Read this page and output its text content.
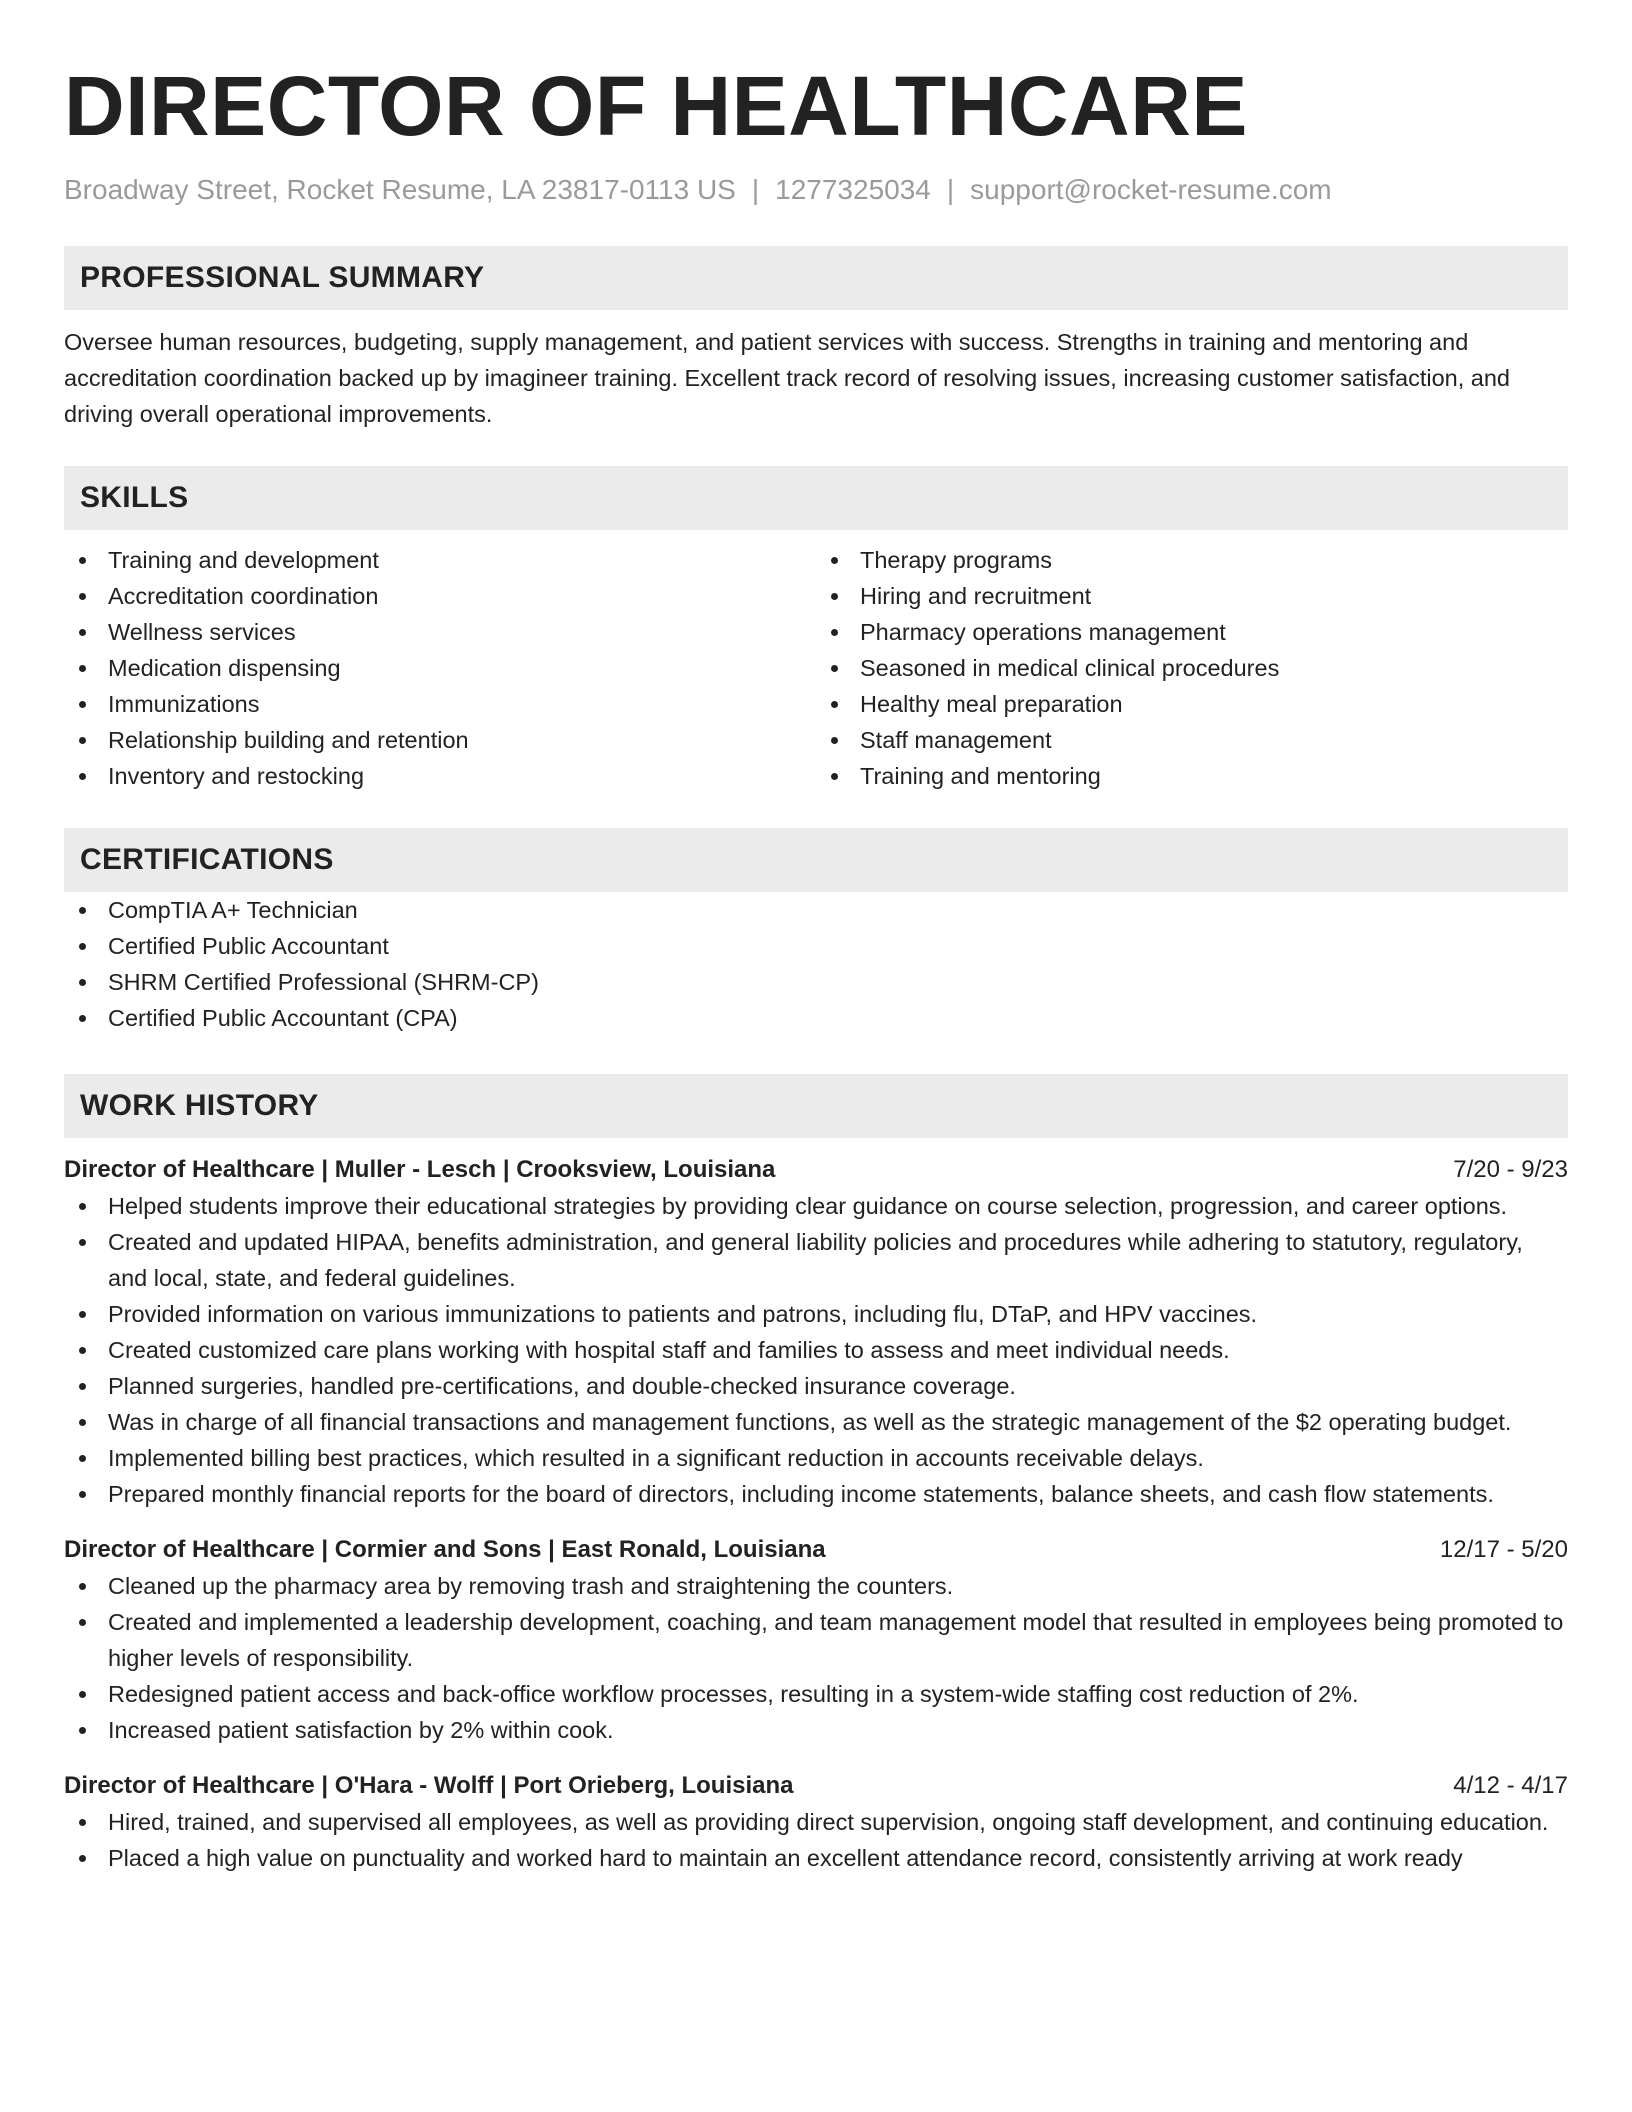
DIRECTOR OF HEALTHCARE
Broadway Street, Rocket Resume, LA 23817-0113 US | 1277325034 | support@rocket-resume.com
PROFESSIONAL SUMMARY

Oversee human resources, budgeting, supply management, and patient services with success. Strengths in training and mentoring and accreditation coordination backed up by imagineer training. Excellent track record of resolving issues, increasing customer satisfaction, and driving overall operational improvements.

SKILLS
Training and development
Accreditation coordination
Wellness services
Medication dispensing
Immunizations
Relationship building and retention
Inventory and restocking
Therapy programs
Hiring and recruitment
Pharmacy operations management
Seasoned in medical clinical procedures
Healthy meal preparation
Staff management
Training and mentoring
CERTIFICATIONS
CompTIA A+ Technician
Certified Public Accountant
SHRM Certified Professional (SHRM-CP)
Certified Public Accountant (CPA)
WORK HISTORY
Director of Healthcare | Muller - Lesch | Crooksview, Louisiana	7/20 - 9/23
Helped students improve their educational strategies by providing clear guidance on course selection, progression, and career options.
Created and updated HIPAA, benefits administration, and general liability policies and procedures while adhering to statutory, regulatory, and local, state, and federal guidelines.
Provided information on various immunizations to patients and patrons, including flu, DTaP, and HPV vaccines.
Created customized care plans working with hospital staff and families to assess and meet individual needs.
Planned surgeries, handled pre-certifications, and double-checked insurance coverage.
Was in charge of all financial transactions and management functions, as well as the strategic management of the $2 operating budget.
Implemented billing best practices, which resulted in a significant reduction in accounts receivable delays.
Prepared monthly financial reports for the board of directors, including income statements, balance sheets, and cash flow statements.
Director of Healthcare | Cormier and Sons | East Ronald, Louisiana	12/17 - 5/20
Cleaned up the pharmacy area by removing trash and straightening the counters.
Created and implemented a leadership development, coaching, and team management model that resulted in employees being promoted to higher levels of responsibility.
Redesigned patient access and back-office workflow processes, resulting in a system-wide staffing cost reduction of 2%.
Increased patient satisfaction by 2% within cook.
Director of Healthcare | O'Hara - Wolff | Port Orieberg, Louisiana	4/12 - 4/17
Hired, trained, and supervised all employees, as well as providing direct supervision, ongoing staff development, and continuing education.
Placed a high value on punctuality and worked hard to maintain an excellent attendance record, consistently arriving at work ready
